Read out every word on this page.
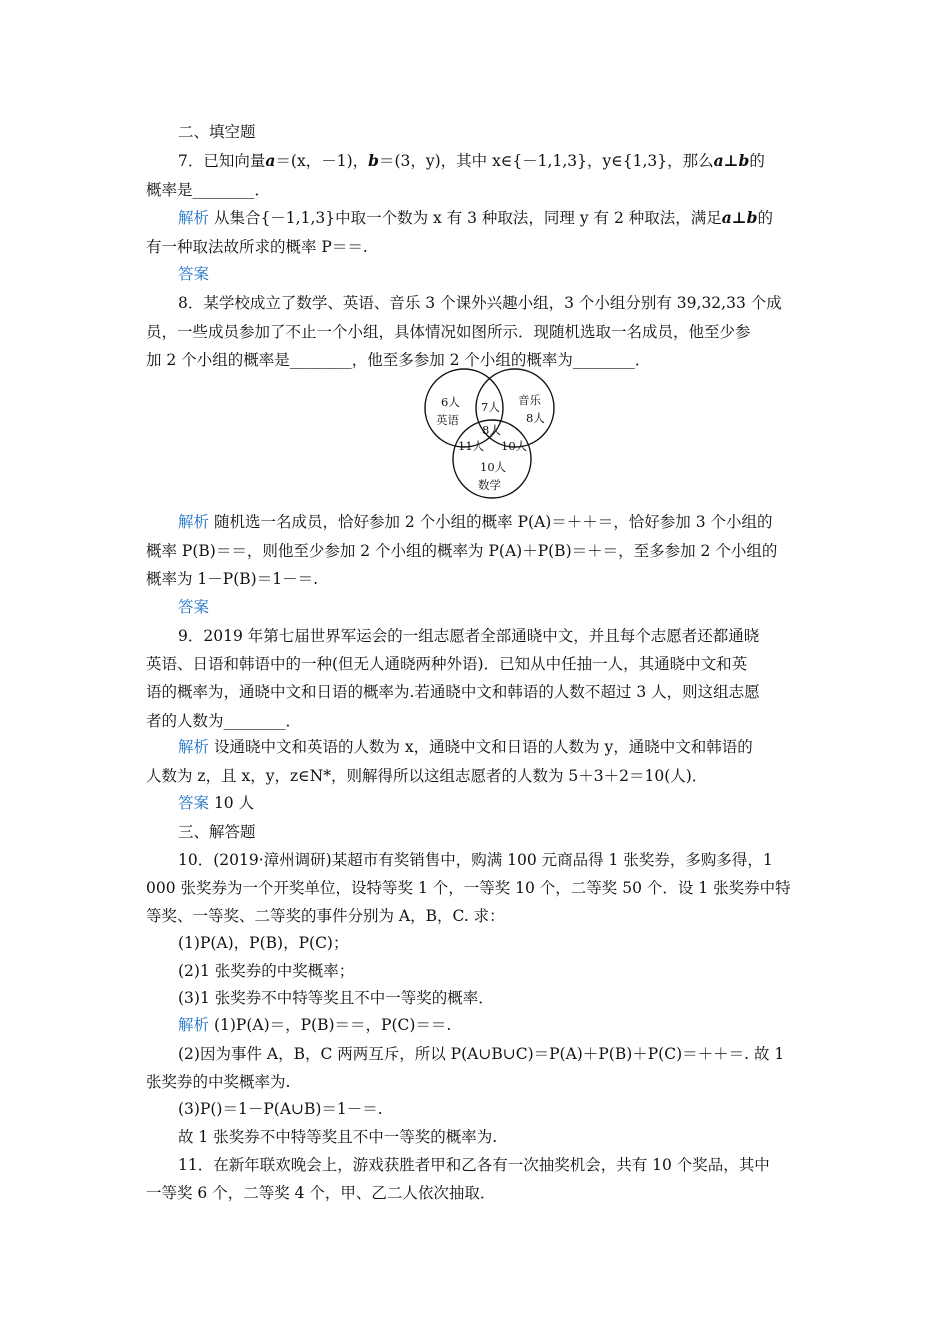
二、填空题
7．已知向量a＝(x，－1)，b＝(3，y)，其中 x∈{－1,1,3}，y∈{1,3}，那么a⊥b的
概率是________．
解析 从集合{－1,1,3}中取一个数为 x 有 3 种取法，同理 y 有 2 种取法，满足a⊥b的
有一种取法故所求的概率 P＝＝.
答案
8．某学校成立了数学、英语、音乐 3 个课外兴趣小组，3 个小组分别有 39,32,33 个成
员，一些成员参加了不止一个小组，具体情况如图所示．现随机选取一名成员，他至少参
加 2 个小组的概率是________，他至多参加 2 个小组的概率为________．
6人
英语
音乐
8人
7人
8人
11人 10人
10人
数学
解析 随机选一名成员，恰好参加 2 个小组的概率 P(A)＝＋＋＝，恰好参加 3 个小组的
概率 P(B)＝＝，则他至少参加 2 个小组的概率为 P(A)＋P(B)＝＋＝，至多参加 2 个小组的
概率为 1－P(B)＝1－＝.
答案
9．2019 年第七届世界军运会的一组志愿者全部通晓中文，并且每个志愿者还都通晓
英语、日语和韩语中的一种(但无人通晓两种外语)．已知从中任抽一人，其通晓中文和英
语的概率为，通晓中文和日语的概率为.若通晓中文和韩语的人数不超过 3 人，则这组志愿
者的人数为________．
解析 设通晓中文和英语的人数为 x，通晓中文和日语的人数为 y，通晓中文和韩语的
人数为 z，且 x，y，z∈N*，则解得所以这组志愿者的人数为 5＋3＋2＝10(人)．
答案 10 人
三、解答题
10．(2019·漳州调研)某超市有奖销售中，购满 100 元商品得 1 张奖券，多购多得，1
000 张奖券为一个开奖单位，设特等奖 1 个，一等奖 10 个，二等奖 50 个．设 1 张奖券中特
等奖、一等奖、二等奖的事件分别为 A，B，C. 求：
(1)P(A)，P(B)，P(C)；
(2)1 张奖券的中奖概率；
(3)1 张奖券不中特等奖且不中一等奖的概率．
解析 (1)P(A)＝，P(B)＝＝，P(C)＝＝.
(2)因为事件 A，B，C 两两互斥，所以 P(A∪B∪C)＝P(A)＋P(B)＋P(C)＝＋＋＝. 故 1
张奖券的中奖概率为.
(3)P()＝1－P(A∪B)＝1－＝.
故 1 张奖券不中特等奖且不中一等奖的概率为.
11．在新年联欢晚会上，游戏获胜者甲和乙各有一次抽奖机会，共有 10 个奖品，其中
一等奖 6 个，二等奖 4 个，甲、乙二人依次抽取．
